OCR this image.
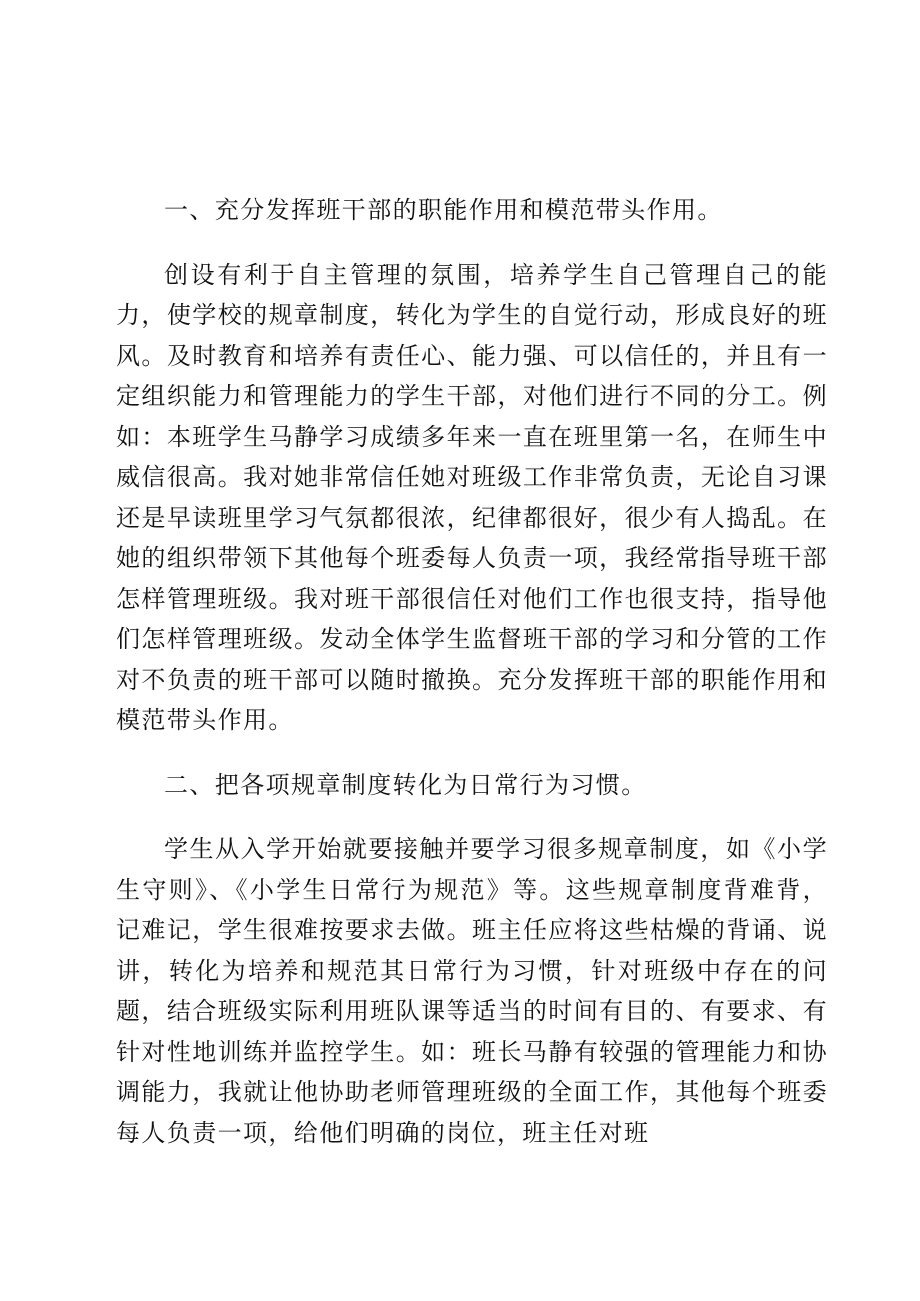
一、充分发挥班干部的职能作用和模范带头作用。

创设有利于自主管理的氛围，培养学生自己管理自己的能力，使学校的规章制度，转化为学生的自觉行动，形成良好的班风。及时教育和培养有责任心、能力强、可以信任的，并且有一定组织能力和管理能力的学生干部，对他们进行不同的分工。例如：本班学生马静学习成绩多年来一直在班里第一名，在师生中威信很高。我对她非常信任她对班级工作非常负责，无论自习课还是早读班里学习气氛都很浓，纪律都很好，很少有人捣乱。在她的组织带领下其他每个班委每人负责一项，我经常指导班干部怎样管理班级。我对班干部很信任对他们工作也很支持，指导他们怎样管理班级。发动全体学生监督班干部的学习和分管的工作对不负责的班干部可以随时撤换。充分发挥班干部的职能作用和模范带头作用。

二、把各项规章制度转化为日常行为习惯。

学生从入学开始就要接触并要学习很多规章制度，如《小学生守则》、《小学生日常行为规范》等。这些规章制度背难背，记难记，学生很难按要求去做。班主任应将这些枯燥的背诵、说讲，转化为培养和规范其日常行为习惯，针对班级中存在的问题，结合班级实际利用班队课等适当的时间有目的、有要求、有针对性地训练并监控学生。如：班长马静有较强的管理能力和协调能力，我就让他协助老师管理班级的全面工作，其他每个班委每人负责一项，给他们明确的岗位，班主任对班
